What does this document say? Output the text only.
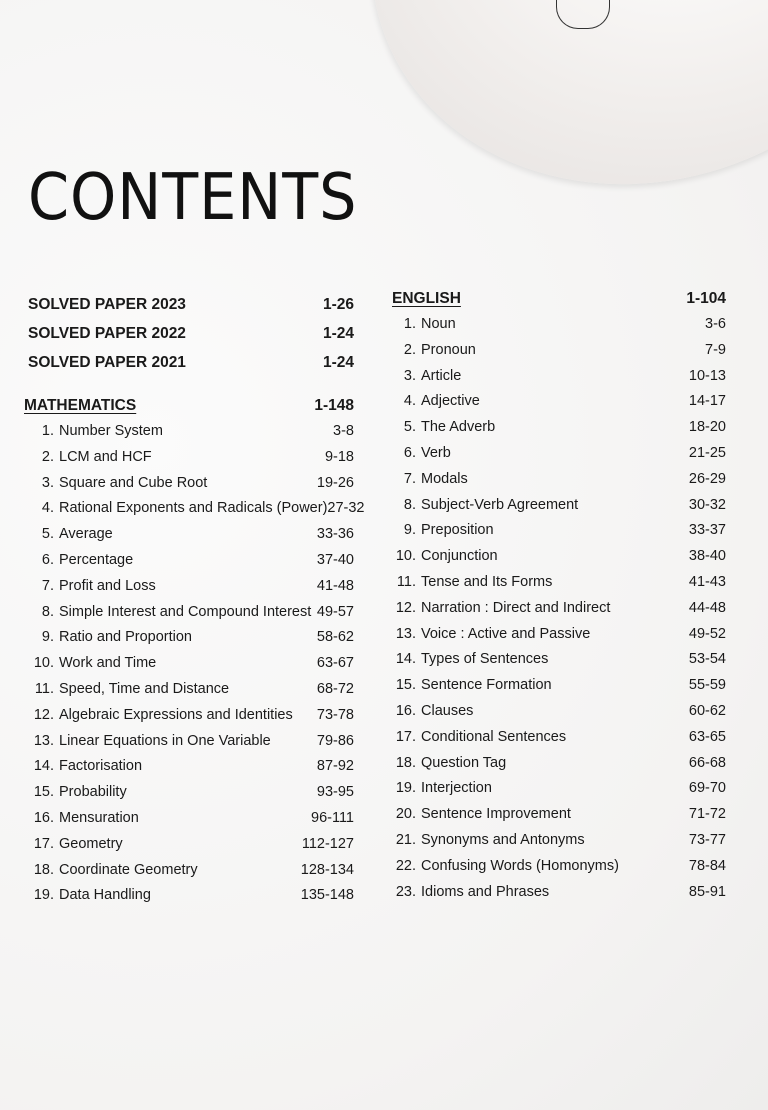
CONTENTS
SOLVED PAPER 2023	1-26
SOLVED PAPER 2022	1-24
SOLVED PAPER 2021	1-24
MATHEMATICS	1-148
1. Number System	3-8
2. LCM and HCF	9-18
3. Square and Cube Root	19-26
4. Rational Exponents and Radicals (Power) 27-32
5. Average	33-36
6. Percentage	37-40
7. Profit and Loss	41-48
8. Simple Interest and Compound Interest 49-57
9. Ratio and Proportion	58-62
10. Work and Time	63-67
11. Speed, Time and Distance	68-72
12. Algebraic Expressions and Identities 73-78
13. Linear Equations in One Variable	79-86
14. Factorisation	87-92
15. Probability	93-95
16. Mensuration	96-111
17. Geometry	112-127
18. Coordinate Geometry	128-134
19. Data Handling	135-148
ENGLISH	1-104
1. Noun	3-6
2. Pronoun	7-9
3. Article	10-13
4. Adjective	14-17
5. The Adverb	18-20
6. Verb	21-25
7. Modals	26-29
8. Subject-Verb Agreement	30-32
9. Preposition	33-37
10. Conjunction	38-40
11. Tense and Its Forms	41-43
12. Narration : Direct and Indirect	44-48
13. Voice : Active and Passive	49-52
14. Types of Sentences	53-54
15. Sentence Formation	55-59
16. Clauses	60-62
17. Conditional Sentences	63-65
18. Question Tag	66-68
19. Interjection	69-70
20. Sentence Improvement	71-72
21. Synonyms and Antonyms	73-77
22. Confusing Words (Homonyms)	78-84
23. Idioms and Phrases	85-91
